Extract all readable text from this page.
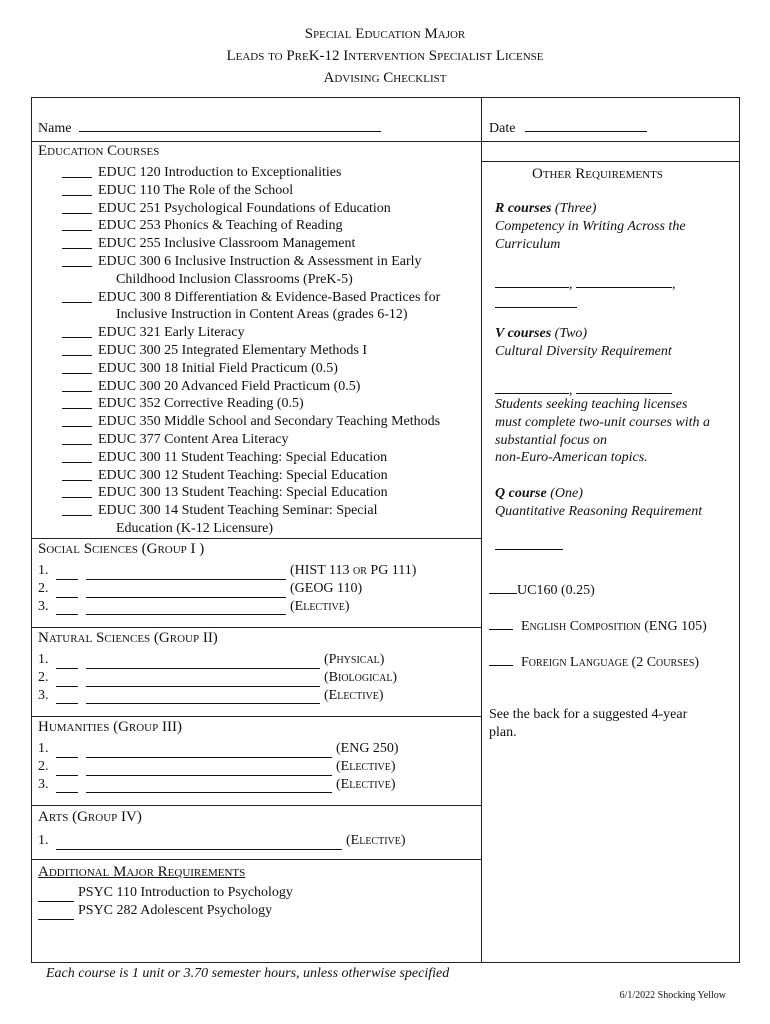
Special Education Major
Leads to PreK-12 Intervention Specialist License
Advising Checklist
Name	Date
Education Courses
EDUC 120 Introduction to Exceptionalities
EDUC 110 The Role of the School
EDUC 251 Psychological Foundations of Education
EDUC 253 Phonics & Teaching of Reading
EDUC 255 Inclusive Classroom Management
EDUC 300 6 Inclusive Instruction & Assessment in Early
Childhood Inclusion Classrooms (PreK-5)
EDUC 300 8 Differentiation & Evidence-Based Practices for
Inclusive Instruction in Content Areas (grades 6-12)
EDUC 321 Early Literacy
EDUC 300 25 Integrated Elementary Methods I
EDUC 300 18 Initial Field Practicum (0.5)
EDUC 300 20 Advanced Field Practicum (0.5)
EDUC 352 Corrective Reading (0.5)
EDUC 350 Middle School and Secondary Teaching Methods
EDUC 377 Content Area Literacy
EDUC 300 11 Student Teaching: Special Education
EDUC 300 12 Student Teaching: Special Education
EDUC 300 13 Student Teaching: Special Education
EDUC 300 14 Student Teaching Seminar: Special
Education (K-12 Licensure)
Social Sciences (Group I )
1.	(HIST 113 or PG 111)
2.	(GEOG 110)
3.	(Elective)
Natural Sciences (Group II)
1.	(Physical)
2.	(Biological)
3.	(Elective)
Humanities (Group III)
1.	(ENG 250)
2.	(Elective)
3.	(Elective)
Arts (Group IV)
1.	(Elective)
Additional Major Requirements
PSYC 110 Introduction to Psychology
PSYC 282 Adolescent Psychology
Other Requirements
R courses (Three)
Competency in Writing Across the
Curriculum
,	,
V courses (Two)
Cultural Diversity Requirement
,
Students seeking teaching licenses
must complete two-unit courses with a
substantial focus on
non-Euro-American topics.
Q course (One)
Quantitative Reasoning Requirement
UC160 (0.25)
English Composition (ENG 105)
Foreign Language (2 Courses)
See the back for a suggested 4-year
plan.
Each course is 1 unit or 3.70 semester hours, unless otherwise specified
6/1/2022 Shocking Yellow
